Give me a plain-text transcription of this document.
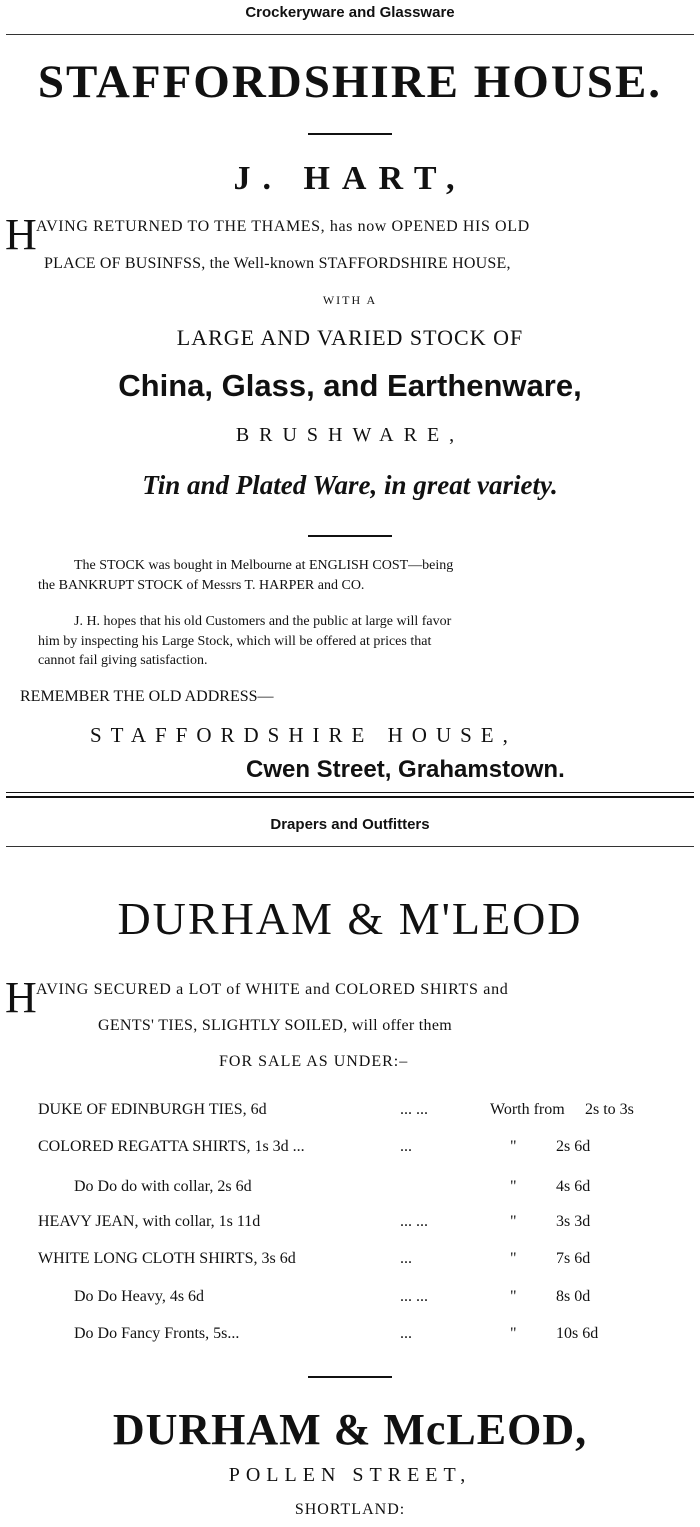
Crockeryware and Glassware
STAFFORDSHIRE HOUSE.
J. HART,
H AVING RETURNED TO THE THAMES, has now OPENED HIS OLD
PLACE OF BUSINFSS, the Well-known STAFFORDSHIRE HOUSE,
WITH A
LARGE AND VARIED STOCK OF
China, Glass, and Earthenware,
BRUSHWARE,
Tin and Plated Ware, in great variety.
The STOCK was bought in Melbourne at ENGLISH COST—being
the BANKRUPT STOCK of Messrs T. HARPER and CO.
J. H. hopes that his old Customers and the public at large will favor
him by inspecting his Large Stock, which will be offered at prices that
cannot fail giving satisfaction.
REMEMBER THE OLD ADDRESS—
STAFFORDSHIRE HOUSE,
Cwen Street, Grahamstown.
Drapers and Outfitters
DURHAM & M'LEOD
H AVING SECURED a LOT of WHITE and COLORED SHIRTS and
GENTS' TIES, SLIGHTLY SOILED, will offer them
FOR SALE AS UNDER:–
DUKE OF EDINBURGH TIES, 6d	... ...	Worth from 2s to 3s
COLORED REGATTA SHIRTS, 1s 3d ...	...	" 2s 6d
Do Do do with collar, 2s 6d	" 4s 6d
HEAVY JEAN, with collar, 1s 11d	... ...	" 3s 3d
WHITE LONG CLOTH SHIRTS, 3s 6d	...	" 7s 6d
Do Do Heavy, 4s 6d	... ...	" 8s 0d
Do Do Fancy Fronts, 5s...	...	" 10s 6d
DURHAM & McLEOD,
POLLEN STREET,
SHORTLAND:
